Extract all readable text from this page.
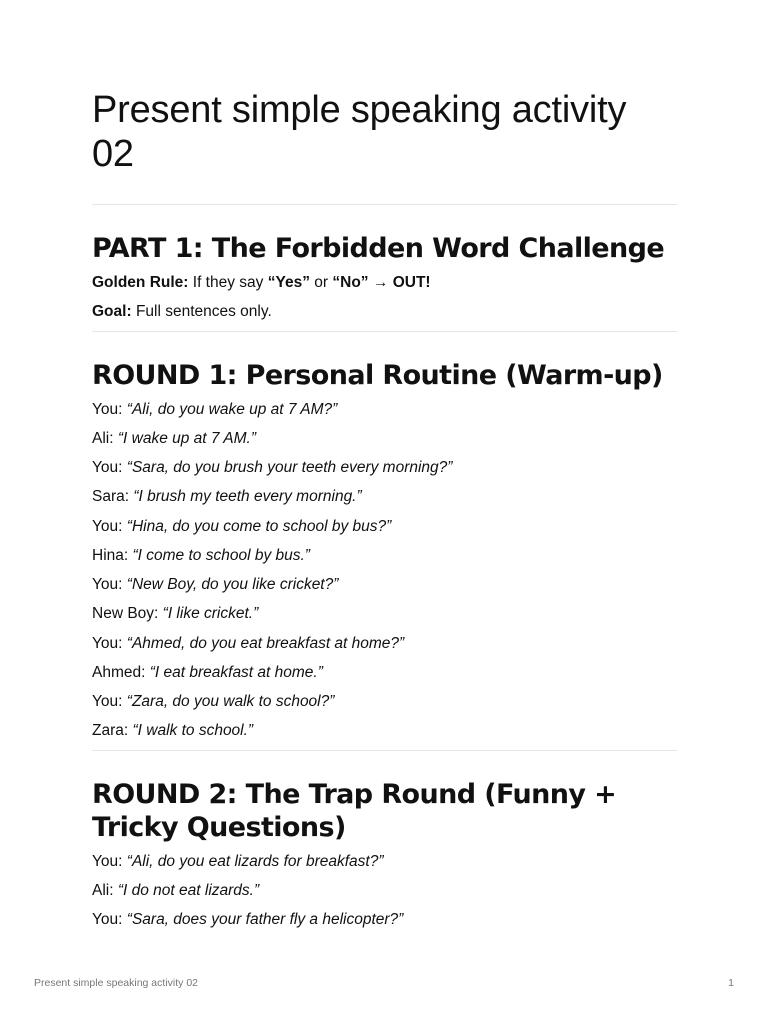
Present simple speaking activity 02
PART 1: The Forbidden Word Challenge
Golden Rule: If they say “Yes” or “No” → OUT!
Goal: Full sentences only.
ROUND 1: Personal Routine (Warm-up)
You: “Ali, do you wake up at 7 AM?”
Ali: “I wake up at 7 AM.”
You: “Sara, do you brush your teeth every morning?”
Sara: “I brush my teeth every morning.”
You: “Hina, do you come to school by bus?”
Hina: “I come to school by bus.”
You: “New Boy, do you like cricket?”
New Boy: “I like cricket.”
You: “Ahmed, do you eat breakfast at home?”
Ahmed: “I eat breakfast at home.”
You: “Zara, do you walk to school?”
Zara: “I walk to school.”
ROUND 2: The Trap Round (Funny +
Tricky Questions)
You: “Ali, do you eat lizards for breakfast?”
Ali: “I do not eat lizards.”
You: “Sara, does your father fly a helicopter?”
Present simple speaking activity 02	1
